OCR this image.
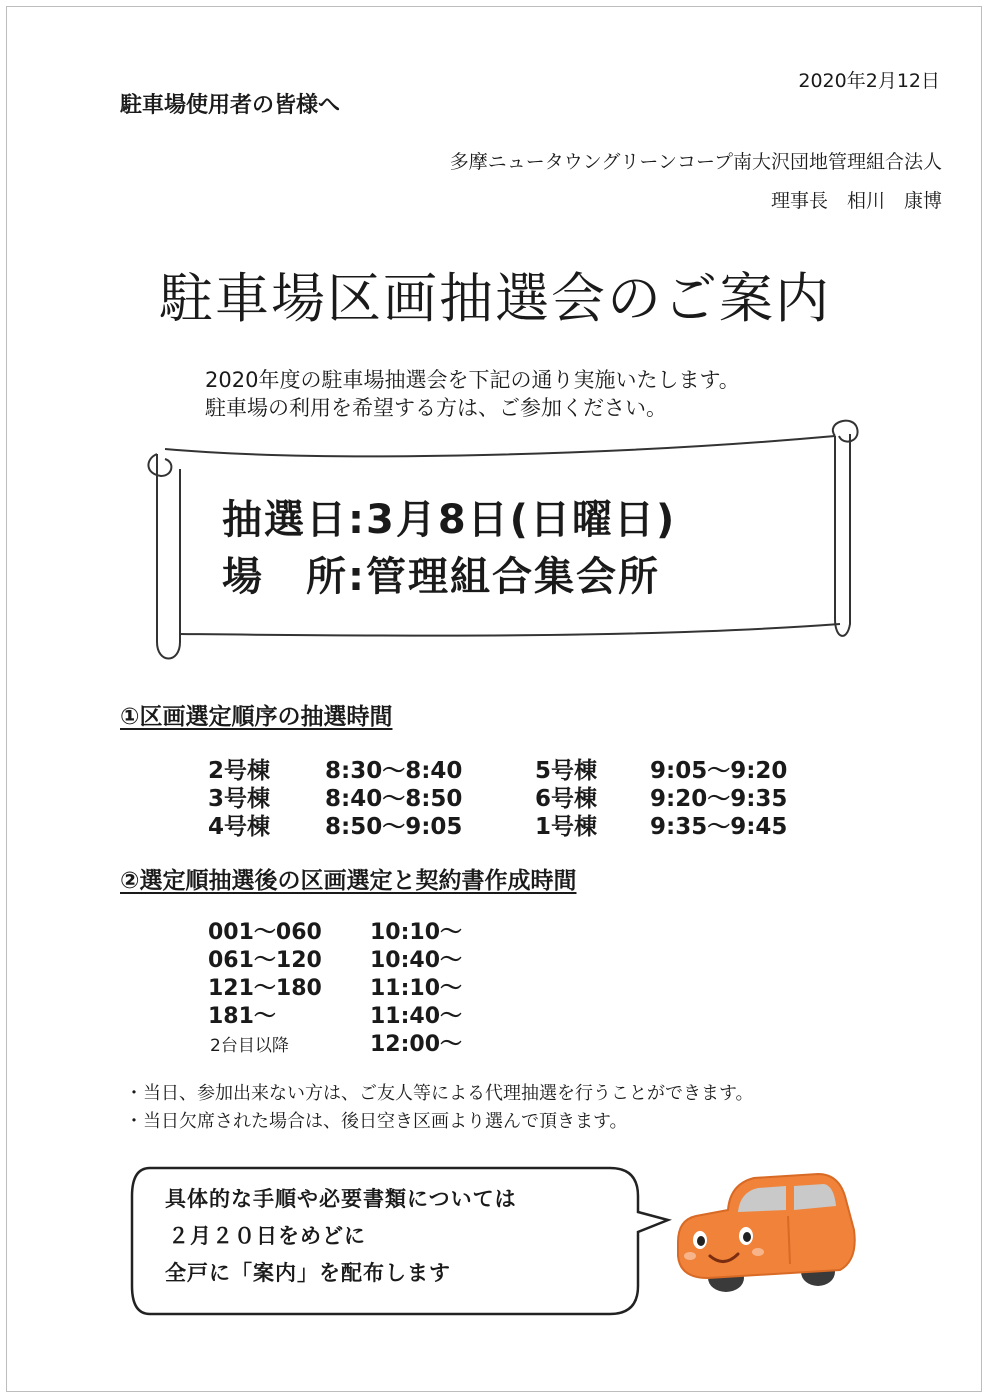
2020年2月12日
駐車場使用者の皆様へ
多摩ニュータウングリーンコープ南大沢団地管理組合法人
理事長　相川　康博
駐車場区画抽選会のご案内
2020年度の駐車場抽選会を下記の通り実施いたします。
駐車場の利用を希望する方は、ご参加ください。
抽選日:3月8日(日曜日)
場　所:管理組合集会所
①区画選定順序の抽選時間
2号棟 8:30～8:40	5号棟 9:05～9:20
3号棟 8:40～8:50	6号棟 9:20～9:35
4号棟 8:50～9:05	1号棟 9:35～9:45
②選定順抽選後の区画選定と契約書作成時間
001～060 10:10～
061～120 10:40～
121～180 11:10～
181～	11:40～
2台目以降	12:00～
・当日、参加出来ない方は、ご友人等による代理抽選を行うことができます。
・当日欠席された場合は、後日空き区画より選んで頂きます。
具体的な手順や必要書類については
２月２０日をめどに
全戸に「案内」を配布します
